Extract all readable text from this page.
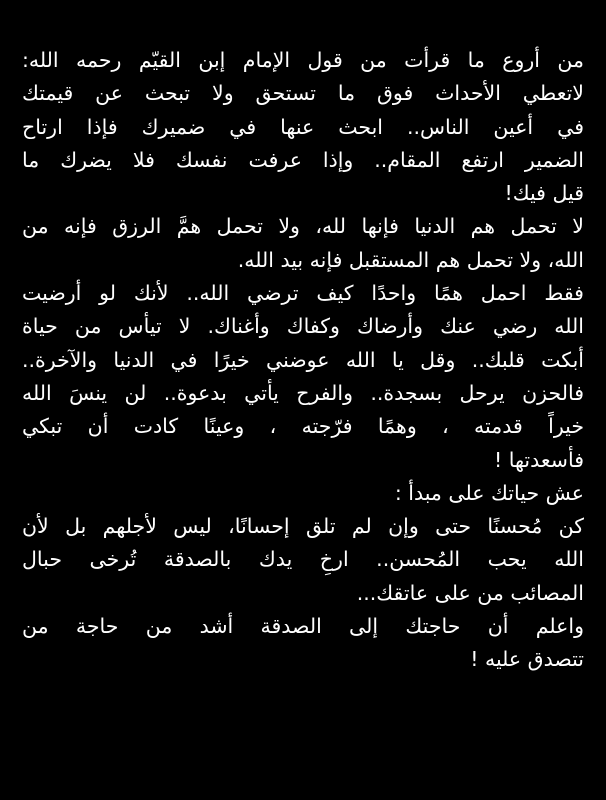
من أروع ما قرأت من قول الإمام إبن القيّم رحمه الله:
لاتعطي الأحداث فوق ما تستحق ولا تبحث عن قيمتك
في أعين الناس.. ابحث عنها في ضميرك فإذا ارتاح
الضمير ارتفع المقام.. وإذا عرفت نفسك فلا يضرك ما
قيل فيك!
لا تحمل هم الدنيا فإنها لله، ولا تحمل همَّ الرزق فإنه من
الله، ولا تحمل هم المستقبل فإنه بيد الله.
فقط احمل همًا واحدًا كيف ترضي الله.. لأنك لو أرضيت
الله رضي عنك وأرضاك وكفاك وأغناك. لا تيأس من حياة
أبكت قلبك.. وقل يا الله عوضني خيرًا في الدنيا والآخرة..
فالحزن يرحل بسجدة.. والفرح يأتي بدعوة.. لن ينسَ الله
خيراً قدمته ، وهمًا فرّجته ، وعينًا كادت أن تبكي
فأسعدتها !
عش حياتك على مبدأ :
كن مُحسنًا حتى وإن لم تلق إحسانًا، ليس لأجلهم بل لأن
الله يحب المُحسن.. ارخِ يدك بالصدقة تُرخى حبال
المصائب من على عاتقك...
واعلم أن حاجتك إلى الصدقة أشد من حاجة من
تتصدق عليه !
